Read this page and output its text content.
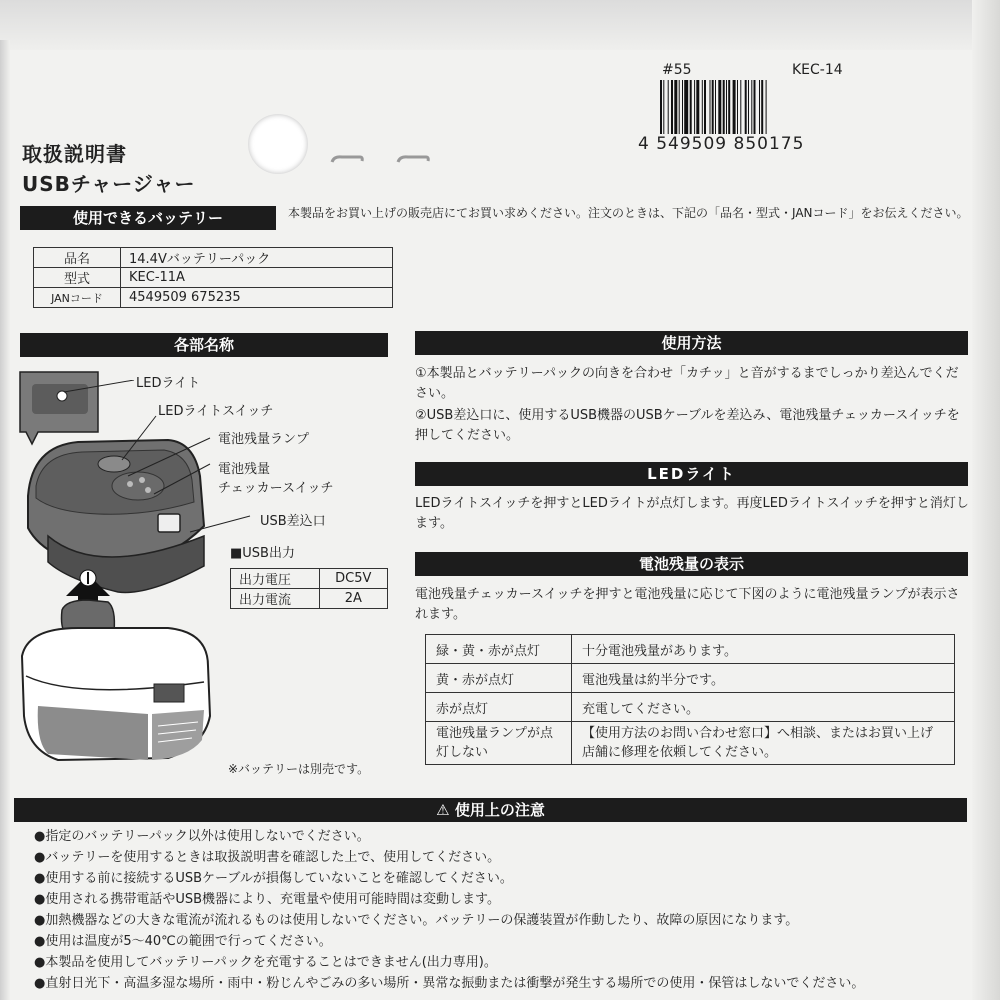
#55	KEC-14
4 549509 850175
取扱説明書
USBチャージャー
使用できるバッテリー	本製品をお買い上げの販売店にてお買い求めください。注文のときは、下記の「品名・型式・JANコード」をお伝えください。
品名	14.4Vバッテリーパック
型式	KEC-11A
JANコード	4549509 675235
各部名称
LEDライト
LEDライトスイッチ
電池残量ランプ
電池残量
チェッカースイッチ
USB差込口
■USB出力
出力電圧	DC5V
出力電流	2A
※バッテリーは別売です。
使用方法
①本製品とバッテリーパックの向きを合わせ「カチッ」と音がするまでしっかり差込んでください。
②USB差込口に、使用するUSB機器のUSBケーブルを差込み、電池残量チェッカースイッチを押してください。
LEDライト
LEDライトスイッチを押すとLEDライトが点灯します。再度LEDライトスイッチを押すと消灯します。
電池残量の表示
電池残量チェッカースイッチを押すと電池残量に応じて下図のように電池残量ランプが表示されます。
緑・黄・赤が点灯	十分電池残量があります。
黄・赤が点灯	電池残量は約半分です。
赤が点灯	充電してください。
電池残量ランプが点灯しない	【使用方法のお問い合わせ窓口】へ相談、またはお買い上げ店舗に修理を依頼してください。
⚠ 使用上の注意
●指定のバッテリーパック以外は使用しないでください。
●バッテリーを使用するときは取扱説明書を確認した上で、使用してください。
●使用する前に接続するUSBケーブルが損傷していないことを確認してください。
●使用される携帯電話やUSB機器により、充電量や使用可能時間は変動します。
●加熱機器などの大きな電流が流れるものは使用しないでください。バッテリーの保護装置が作動したり、故障の原因になります。
●使用は温度が5～40℃の範囲で行ってください。
●本製品を使用してバッテリーパックを充電することはできません(出力専用)。
●直射日光下・高温多湿な場所・雨中・粉じんやごみの多い場所・異常な振動または衝撃が発生する場所での使用・保管はしないでください。
